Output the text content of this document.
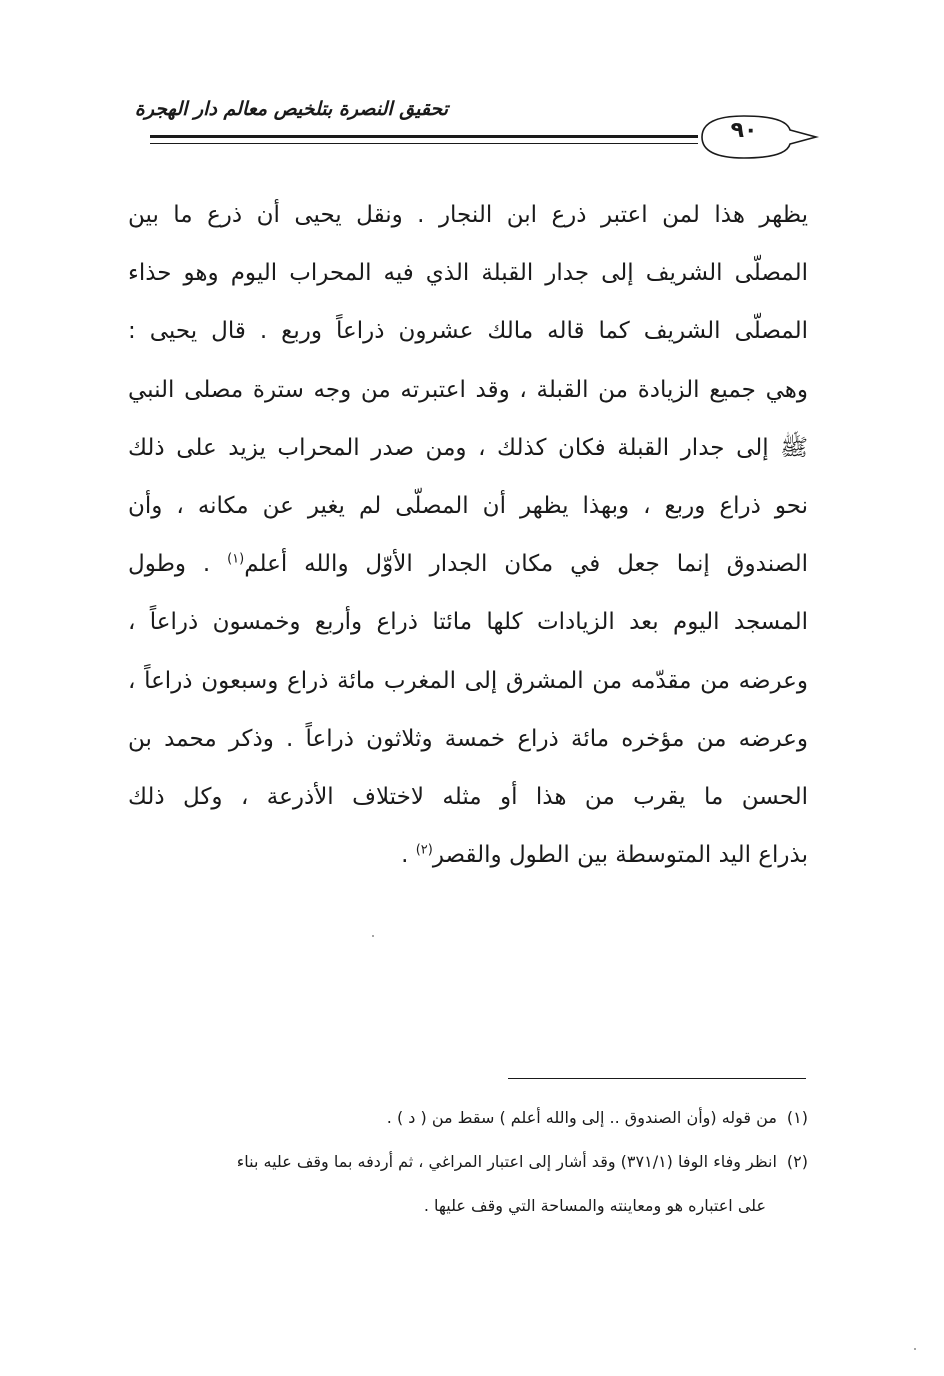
تحقيق النصرة بتلخيص معالم دار الهجرة
٩٠
يظهر هذا لمن اعتبر ذرع ابن النجار . ونقل يحيى أن ذرع ما بين
المصلّى الشريف إلى جدار القبلة الذي فيه المحراب اليوم وهو حذاء
المصلّى الشريف كما قاله مالك عشرون ذراعاً وربع . قال يحيى :
وهي جميع الزيادة من القبلة ، وقد اعتبرته من وجه سترة مصلى النبي
ﷺ إلى جدار القبلة فكان كذلك ، ومن صدر المحراب يزيد على ذلك
نحو ذراع وربع ، وبهذا يظهر أن المصلّى لم يغير عن مكانه ، وأن
الصندوق إنما جعل في مكان الجدار الأوّل والله أعلم$^{(١)}$ . وطول
المسجد اليوم بعد الزيادات كلها مائتا ذراع وأربع وخمسون ذراعاً ،
وعرضه من مقدّمه من المشرق إلى المغرب مائة ذراع وسبعون ذراعاً ،
وعرضه من مؤخره مائة ذراع خمسة وثلاثون ذراعاً . وذكر محمد بن
الحسن ما يقرب من هذا أو مثله لاختلاف الأذرعة ، وكل ذلك
بذراع اليد المتوسطة بين الطول والقصر$^{(٢)}$ .
(١)من قوله (وأن الصندوق .. إلى والله أعلم ) سقط من ( د ) .
(٢)انظر وفاء الوفا (٣٧١/١) وقد أشار إلى اعتبار المراغي ، ثم أردفه بما وقف عليه بناء
على اعتباره هو ومعاينته والمساحة التي وقف عليها .
